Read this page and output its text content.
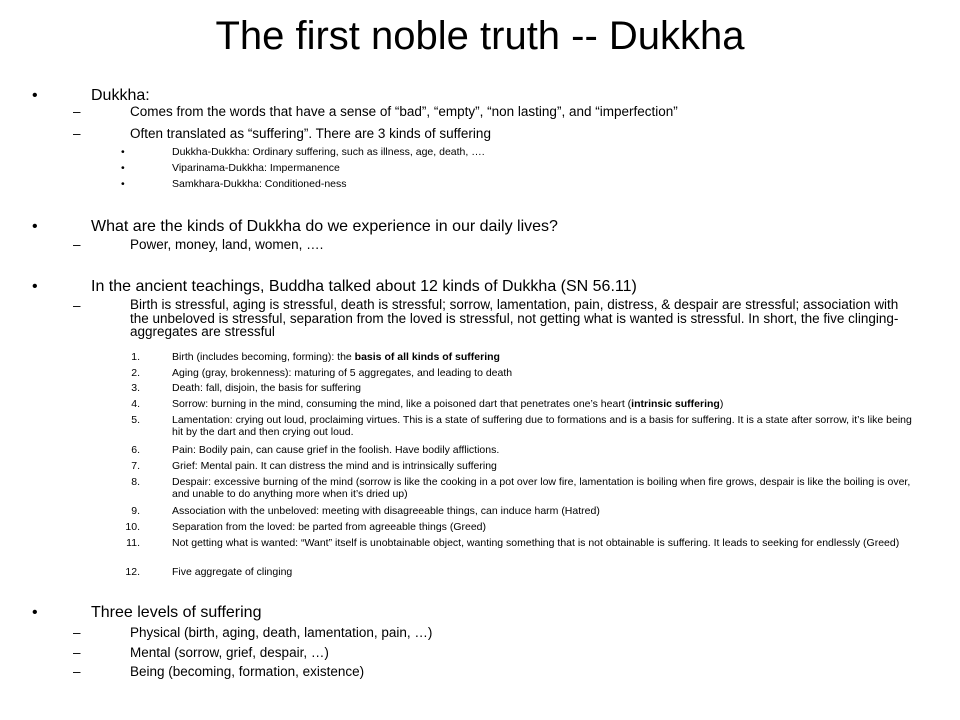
The first noble truth -- Dukkha
•	Dukkha:
–	Comes from the words that have a sense of “bad”, “empty”, “non lasting”, and “imperfection”
–	Often translated as “suffering”. There are 3 kinds of suffering
•	Dukkha-Dukkha: Ordinary suffering, such as illness, age, death, ….
•	Viparinama-Dukkha: Impermanence
•	Samkhara-Dukkha: Conditioned-ness
•	What are the kinds of Dukkha do we experience in our daily lives?
–	Power, money, land, women, ….
•	In the ancient teachings, Buddha talked about 12 kinds of Dukkha (SN 56.11)
–	Birth is stressful, aging is stressful, death is stressful; sorrow, lamentation, pain, distress, & despair are stressful; association with the unbeloved is stressful, separation from the loved is stressful, not getting what is wanted is stressful. In short, the five clinging-aggregates are stressful
1.	Birth (includes becoming, forming): the basis of all kinds of suffering
2.	Aging (gray, brokenness): maturing of 5 aggregates, and leading to death
3.	Death: fall, disjoin, the basis for suffering
4.	Sorrow: burning in the mind, consuming the mind, like a poisoned dart that penetrates one’s heart (intrinsic suffering)
5.	Lamentation: crying out loud, proclaiming virtues. This is a state of suffering due to formations and is a basis for suffering. It is a state after sorrow, it’s like being hit by the dart and then crying out loud.
6.	Pain: Bodily pain, can cause grief in the foolish. Have bodily afflictions.
7.	Grief: Mental pain. It can distress the mind and is intrinsically suffering
8.	Despair: excessive burning of the mind (sorrow is like the cooking in a pot over low fire, lamentation is boiling when fire grows, despair is like the boiling is over, and unable to do anything more when it’s dried up)
9.	Association with the unbeloved: meeting with disagreeable things, can induce harm (Hatred)
10.	Separation from the loved: be parted from agreeable things (Greed)
11.	Not getting what is wanted: “Want” itself is unobtainable object, wanting something that is not obtainable is suffering. It leads to seeking for endlessly (Greed)
12.	Five aggregate of clinging
•	Three levels of suffering
–	Physical (birth, aging, death, lamentation, pain, …)
–	Mental (sorrow, grief, despair, …)
–	Being (becoming, formation, existence)
